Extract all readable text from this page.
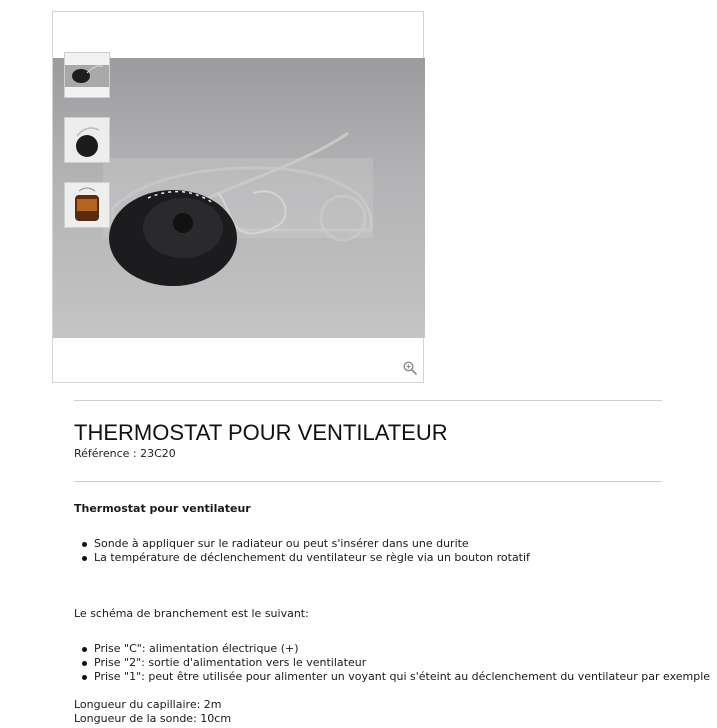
THERMOSTAT POUR VENTILATEUR
Référence : 23C20

Thermostat pour ventilateur

Sonde à appliquer sur le radiateur ou peut s'insérer dans une durite
La température de déclenchement du ventilateur se règle via un bouton rotatif

Le schéma de branchement est le suivant:

Prise "C": alimentation électrique (+)
Prise "2": sortie d'alimentation vers le ventilateur
Prise "1": peut être utilisée pour alimenter un voyant qui s'éteint au déclenchement du ventilateur par exemple

Longueur du capillaire: 2m

Longueur de la sonde: 10cm
